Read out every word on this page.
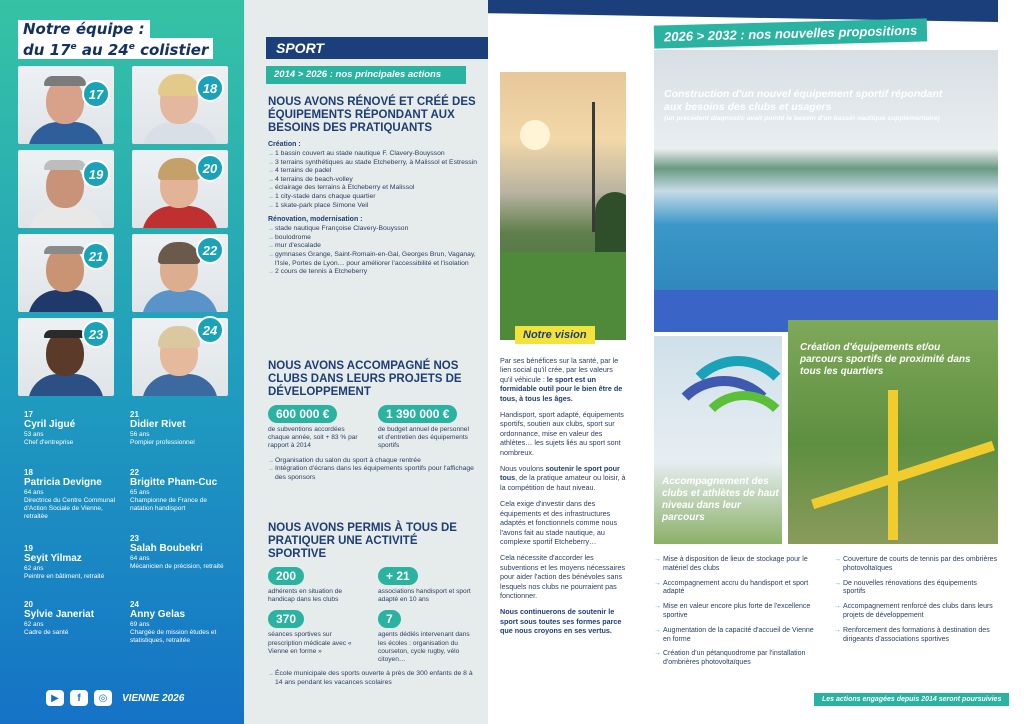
Notre équipe :
du 17e au 24e colistier
17	18
19	20
21	22
23	24
17
Cyril Jigué
53 ans
Chef d'entreprise
18
Patricia Devigne
64 ans
Directrice du Centre Communal d'Action Sociale de Vienne, retraitée
19
Seyit Yilmaz
62 ans
Peintre en bâtiment, retraité
20
Sylvie Janeriat
62 ans
Cadre de santé
21
Didier Rivet
56 ans
Pompier professionnel
22
Brigitte Pham-Cuc
65 ans
Championne de France de natation handisport
23
Salah Boubekri
64 ans
Mécanicien de précision, retraité
24
Anny Gelas
69 ans
Chargée de mission études et statistiques, retraitée
▶	f	◎	VIENNE 2026
SPORT
2014 > 2026 : nos principales actions
NOUS AVONS RÉNOVÉ ET CRÉÉ DES ÉQUIPEMENTS RÉPONDANT AUX BESOINS DES PRATIQUANTS
Création :
→ 1 bassin couvert au stade nautique F. Clavery-Bouysson
→ 3 terrains synthétiques au stade Etcheberry, à Malissol et Estressin
→ 4 terrains de padel
→ 4 terrains de beach-volley
→ éclairage des terrains à Etcheberry et Malissol
→ 1 city-stade dans chaque quartier
→ 1 skate-park place Simone Veil
Rénovation, modernisation :
→ stade nautique Françoise Clavery-Bouysson
→ boulodrome
→ mur d'escalade
→ gymnases Grange, Saint-Romain-en-Gal, Georges Brun, Vaganay, l'Isle, Portes de Lyon… pour améliorer l'accessibilité et l'isolation
→ 2 cours de tennis à Etcheberry
NOUS AVONS ACCOMPAGNÉ NOS CLUBS DANS LEURS PROJETS DE DÉVELOPPEMENT
600 000 €

de subventions accordées chaque année, soit + 83 % par rapport à 2014

1 390 000 €

de budget annuel de personnel et d'entretien des équipements sportifs

→ Organisation du salon du sport à chaque rentrée
→ Intégration d'écrans dans les équipements sportifs pour l'affichage des sponsors
NOUS AVONS PERMIS À TOUS DE PRATIQUER UNE ACTIVITÉ SPORTIVE
200

adhérents en situation de handicap dans les clubs

+ 21

associations handisport et sport adapté en 10 ans

370

séances sportives sur prescription médicale avec « Vienne en forme »

7

agents dédiés intervenant dans les écoles : organisation du courseton, cycle rugby, vélo citoyen…

→ École municipale des sports ouverte à près de 300 enfants de 8 à 14 ans pendant les vacances scolaires
Notre vision

Par ses bénéfices sur la santé, par le lien social qu'il crée, par les valeurs qu'il véhicule : le sport est un formidable outil pour le bien être de tous, à tous les âges.

Handisport, sport adapté, équipements sportifs, soutien aux clubs, sport sur ordonnance, mise en valeur des athlètes… les sujets liés au sport sont nombreux.

Nous voulons soutenir le sport pour tous, de la pratique amateur ou loisir, à la compétition de haut niveau.

Cela exige d'investir dans des équipements et des infrastructures adaptés et fonctionnels comme nous l'avons fait au stade nautique, au complexe sportif Etcheberry…

Cela nécessite d'accorder les subventions et les moyens nécessaires pour aider l'action des bénévoles sans lesquels nos clubs ne pourraient pas fonctionner.

Nous continuerons de soutenir le sport sous toutes ses formes parce que nous croyons en ses vertus.

2026 > 2032 : nos nouvelles propositions
Construction d'un nouvel équipement sportif répondant aux besoins des clubs et usagers
(un précédent diagnostic avait pointé le besoin d'un bassin nautique supplémentaire)
Accompagnement des clubs et athlètes de haut niveau dans leur parcours
Création d'équipements et/ou parcours sportifs de proximité dans tous les quartiers
→ Mise à disposition de lieux de stockage pour le matériel des clubs
→ Accompagnement accru du handisport et sport adapté
→ Mise en valeur encore plus forte de l'excellence sportive
→ Augmentation de la capacité d'accueil de Vienne en forme
→ Création d'un pétanquodrome par l'installation d'ombrières photovoltaïques
→ Couverture de courts de tennis par des ombrières photovoltaïques
→ De nouvelles rénovations des équipements sportifs
→ Accompagnement renforcé des clubs dans leurs projets de développement
→ Renforcement des formations à destination des dirigeants d'associations sportives
Les actions engagées depuis 2014 seront poursuivies
